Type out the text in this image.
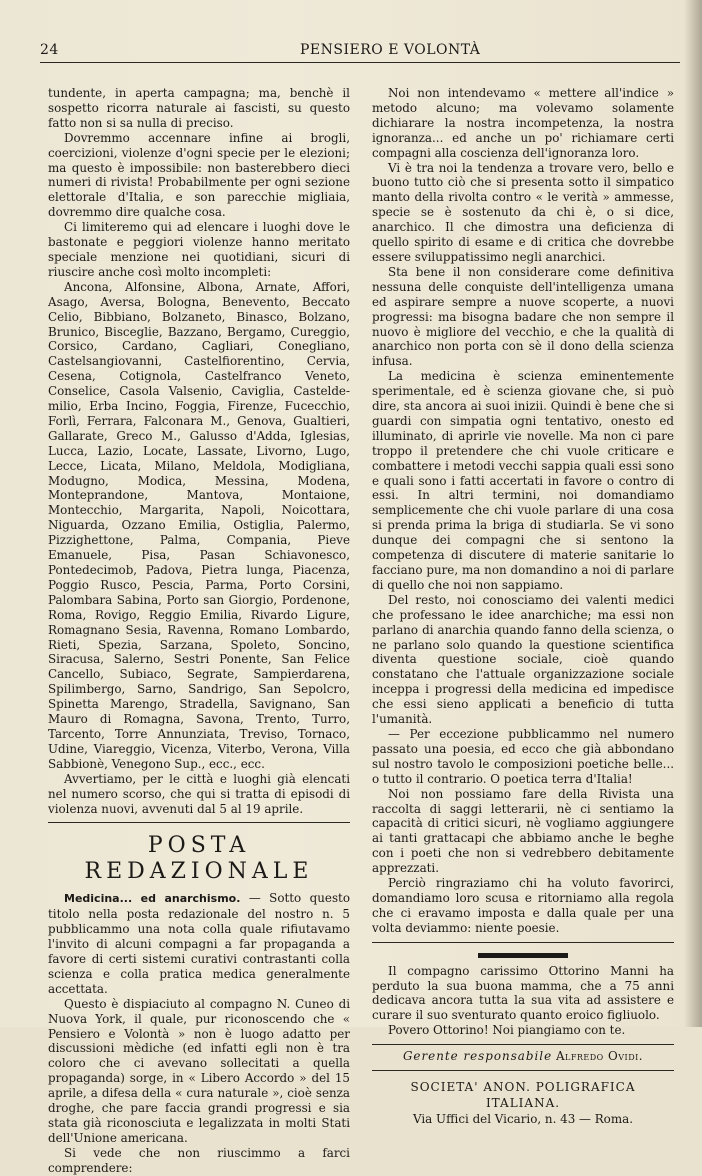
24	PENSIERO E VOLONTÀ

tundente, in aperta campagna; ma, benchè il sospetto ricorra naturale ai fascisti, su questo fatto non si sa nulla di preciso.

Dovremmo accennare infine ai brogli, coercizioni, violenze d'ogni specie per le elezioni; ma questo è impossibile: non basterebbero dieci numeri di rivista! Probabilmente per ogni sezione elettorale d'Italia, e son parecchie migliaia, dovremmo dire qualche cosa.

Ci limiteremo qui ad elencare i luoghi dove le bastonate e peggiori violenze hanno meritato speciale menzione nei quotidiani, sicuri di riuscire anche così molto incompleti:

Ancona, Alfonsine, Albona, Arnate, Affori, Asago, Aversa, Bologna, Benevento, Beccato Celio, Bibbiano, Bolzaneto, Binasco, Bolzano, Brunico, Bisceglie, Bazzano, Bergamo, Cureggio, Corsico, Cardano, Cagliari, Conegliano, Castelsangiovanni, Castelfiorentino, Cervia, Cesena, Cotignola, Castelfranco Veneto, Conselice, Casola Valsenio, Caviglia, Casteldemilio, Erba Incino, Foggia, Firenze, Fucecchio, Forlì, Ferrara, Falconara M., Genova, Gualtieri, Gallarate, Greco M., Galusso d'Adda, Iglesias, Lucca, Lazio, Locate, Lassate, Livorno, Lugo, Lecce, Licata, Milano, Meldola, Modigliana, Modugno, Modica, Messina, Modena, Monteprandone, Mantova, Montaione, Montecchio, Margarita, Napoli, Noicottara, Niguarda, Ozzano Emilia, Ostiglia, Palermo, Pizzighettone, Palma, Compania, Pieve Emanuele, Pisa, Pasan Schiavonesco, Pontedecimob, Padova, Pietra lunga, Piacenza, Poggio Rusco, Pescia, Parma, Porto Corsini, Palombara Sabina, Porto san Giorgio, Pordenone, Roma, Rovigo, Reggio Emilia, Rivardo Ligure, Romagnano Sesia, Ravenna, Romano Lombardo, Rieti, Spezia, Sarzana, Spoleto, Soncino, Siracusa, Salerno, Sestri Ponente, San Felice Cancello, Subiaco, Segrate, Sampierdarena, Spilimbergo, Sarno, Sandrigo, San Sepolcro, Spinetta Marengo, Stradella, Savignano, San Mauro di Romagna, Savona, Trento, Turro, Tarcento, Torre Annunziata, Treviso, Tornaco, Udine, Viareggio, Vicenza, Viterbo, Verona, Villa Sabbionè, Venegono Sup., ecc., ecc.

Avvertiamo, per le città e luoghi già elencati nel numero scorso, che qui si tratta di episodi di violenza nuovi, avvenuti dal 5 al 19 aprile.

POSTA REDAZIONALE

Medicina... ed anarchismo. — Sotto questo titolo nella posta redazionale del nostro n. 5 pubblicammo una nota colla quale rifiutavamo l'invito di alcuni compagni a far propaganda a favore di certi sistemi curativi contrastanti colla scienza e colla pratica medica generalmente accettata.

Questo è dispiaciuto al compagno N. Cuneo di Nuova York, il quale, pur riconoscendo che « Pensiero e Volontà » non è luogo adatto per discussioni mèdiche (ed infatti egli non è tra coloro che ci avevano sollecitati a quella propaganda) sorge, in « Libero Accordo » del 15 aprile, a difesa della « cura naturale », cioè senza droghe, che pare faccia grandi progressi e sia stata già riconosciuta e legalizzata in molti Stati dell'Unione americana.

Si vede che non riuscimmo a farci comprendere:

Noi non intendevamo « mettere all'indice » metodo alcuno; ma volevamo solamente dichiarare la nostra incompetenza, la nostra ignoranza... ed anche un po' richiamare certi compagni alla coscienza dell'ignoranza loro.

Vi è tra noi la tendenza a trovare vero, bello e buono tutto ciò che si presenta sotto il simpatico manto della rivolta contro « le verità » ammesse, specie se è sostenuto da chi è, o si dice, anarchico. Il che dimostra una deficienza di quello spirito di esame e di critica che dovrebbe essere sviluppatissimo negli anarchici.

Sta bene il non considerare come definitiva nessuna delle conquiste dell'intelligenza umana ed aspirare sempre a nuove scoperte, a nuovi progressi: ma bisogna badare che non sempre il nuovo è migliore del vecchio, e che la qualità di anarchico non porta con sè il dono della scienza infusa.

La medicina è scienza eminentemente sperimentale, ed è scienza giovane che, si può dire, sta ancora ai suoi inizii. Quindi è bene che si guardi con simpatia ogni tentativo, onesto ed illuminato, di aprirle vie novelle. Ma non ci pare troppo il pretendere che chi vuole criticare e combattere i metodi vecchi sappia quali essi sono e quali sono i fatti accertati in favore o contro di essi. In altri termini, noi domandiamo semplicemente che chi vuole parlare di una cosa si prenda prima la briga di studiarla. Se vi sono dunque dei compagni che si sentono la competenza di discutere di materie sanitarie lo facciano pure, ma non domandino a noi di parlare di quello che noi non sappiamo.

Del resto, noi conosciamo dei valenti medici che professano le idee anarchiche; ma essi non parlano di anarchia quando fanno della scienza, o ne parlano solo quando la questione scientifica diventa questione sociale, cioè quando constatano che l'attuale organizzazione sociale inceppa i progressi della medicina ed impedisce che essi sieno applicati a beneficio di tutta l'umanità.

— Per eccezione pubblicammo nel numero passato una poesia, ed ecco che già abbondano sul nostro tavolo le composizioni poetiche belle... o tutto il contrario. O poetica terra d'Italia!

Noi non possiamo fare della Rivista una raccolta di saggi letterarii, nè ci sentiamo la capacità di critici sicuri, nè vogliamo aggiungere ai tanti grattacapi che abbiamo anche le beghe con i poeti che non si vedrebbero debitamente apprezzati.

Perciò ringraziamo chi ha voluto favorirci, domandiamo loro scusa e ritorniamo alla regola che ci eravamo imposta e dalla quale per una volta deviammo: niente poesie.

Il compagno carissimo Ottorino Manni ha perduto la sua buona mamma, che a 75 anni dedicava ancora tutta la sua vita ad assistere e curare il suo sventurato quanto eroico figliuolo.

Povero Ottorino! Noi piangiamo con te.

Gerente responsabile Alfredo Ovidi.
SOCIETA' ANON. POLIGRAFICA ITALIANA.
Via Uffici del Vicario, n. 43 — Roma.
